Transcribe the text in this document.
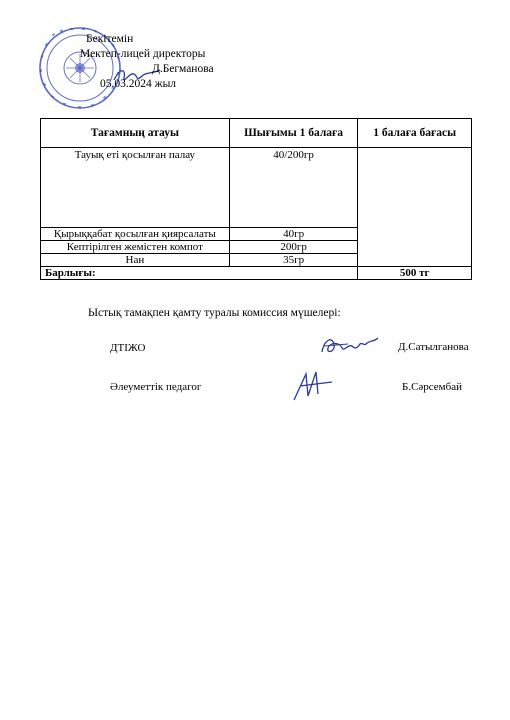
Бекітемін
Мектеп-лицей директоры
Д.Бегманова
05.03.2024 жыл
Тағамның атауы	Шығымы 1 балаға	1 балаға бағасы
Тауық еті қосылған палау	40/200гр	
Қырыққабат қосылған қиярсалаты	40гр	
Кептірілген жемістен компот	200гр	
Нан	35гр	
Барлығы:		500 тг
Ыстық тамақпен қамту туралы комиссия мүшелері:
ДТІЖО	Д.Сатылганова
Әлеуметтік педагог	Б.Сәрсембай
